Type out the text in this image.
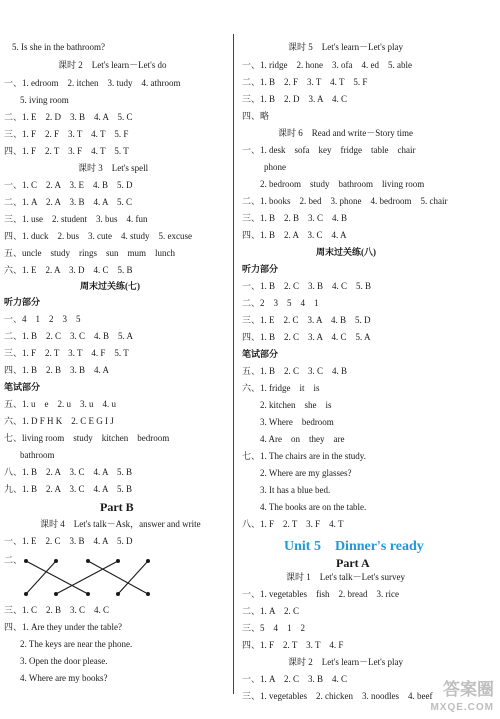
5. Is she in the bathroom?
课时 2　Let's learn－Let's do
一、1. edroom　2. itchen　3. tudy　4. athroom
5. iving room
二、1. E　2. D　3. B　4. A　5. C
三、1. F　2. F　3. T　4. T　5. F
四、1. F　2. T　3. F　4. T　5. T
课时 3　Let's spell
一、1. C　2. A　3. E　4. B　5. D
二、1. A　2. A　3. B　4. A　5. C
三、1. use　2. student　3. bus　4. fun
四、1. duck　2. bus　3. cute　4. study　5. excuse
五、uncle　study　rings　sun　mum　lunch
六、1. E　2. A　3. D　4. C　5. B
周末过关练(七)
听力部分
一、4　1　2　3　5
二、1. B　2. C　3. C　4. B　5. A
三、1. F　2. T　3. T　4. F　5. T
四、1. B　2. B　3. B　4. A
笔试部分
五、1. u　e　2. u　3. u　4. u
六、1. D F H K　2. C E G I J
七、living room　study　kitchen　bedroom
bathroom
八、1. B　2. A　3. C　4. A　5. B
九、1. B　2. A　3. C　4. A　5. B
Part B
课时 4　Let's talk－Ask，answer and write
一、1. E　2. C　3. B　4. A　5. D
二、
三、1. C　2. B　3. C　4. C
四、1. Are they under the table?
2. The keys are near the phone.
3. Open the door please.
4. Where are my books?
课时 5　Let's learn－Let's play
一、1. ridge　2. hone　3. ofa　4. ed　5. able
二、1. B　2. F　3. T　4. T　5. F
三、1. B　2. D　3. A　4. C
四、略
课时 6　Read and write－Story time
一、1. desk　sofa　key　fridge　table　chair
phone
2. bedroom　study　bathroom　living room
二、1. books　2. bed　3. phone　4. bedroom　5. chair
三、1. B　2. B　3. C　4. B
四、1. B　2. A　3. C　4. A
周末过关练(八)
听力部分
一、1. B　2. C　3. B　4. C　5. B
二、2　3　5　4　1
三、1. E　2. C　3. A　4. B　5. D
四、1. B　2. C　3. A　4. C　5. A
笔试部分
五、1. B　2. C　3. C　4. B
六、1. fridge　it　is
2. kitchen　she　is
3. Where　bedroom
4. Are　on　they　are
七、1. The chairs are in the study.
2. Where are my glasses?
3. It has a blue bed.
4. The books are on the table.
八、1. F　2. T　3. F　4. T
Unit 5　Dinner's ready
Part A
课时 1　Let's talk－Let's survey
一、1. vegetables　fish　2. bread　3. rice
二、1. A　2. C
三、5　4　1　2
四、1. F　2. T　3. T　4. F
课时 2　Let's learn－Let's play
一、1. A　2. C　3. B　4. C
三、1. vegetables　2. chicken　3. noodles　4. beef 答案圈
MXQE.COM
